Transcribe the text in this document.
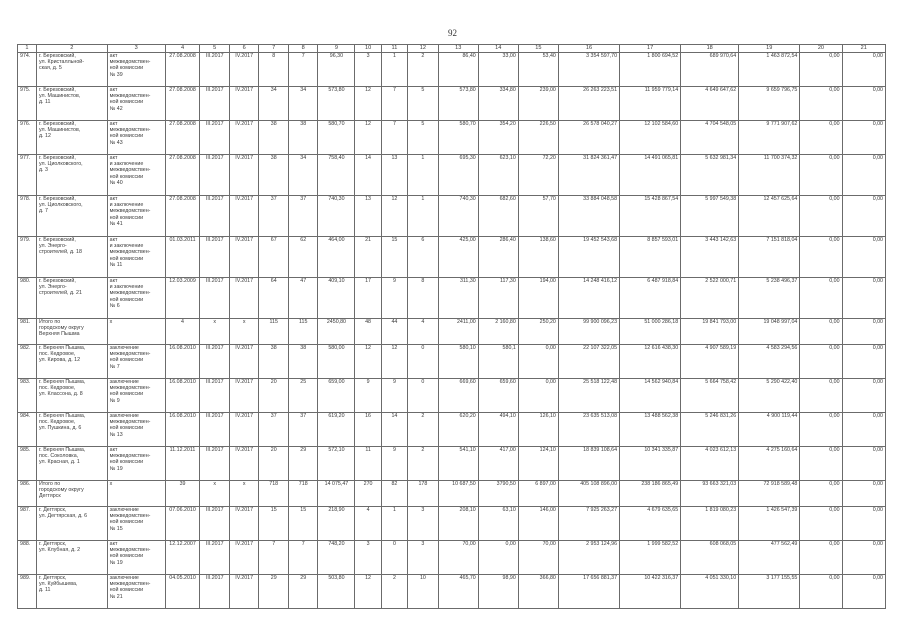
92
1	2	3	4	5	6	7	8	9	10	11	12	13	14	15	16	17	18	19	20	21
974.	г. Березовский,
ул. Кристалльной-
ская, д. 5	акт
межведомствен-
ной комиссии
№ 39	27.08.2008	III.2017	IV.2017	8	7	96,30	3	1	2	86,40	33,00	53,40	3 354 597,70	1 800 694,52	689 970,64	1 463 872,54	0,00	0,00
975.	г. Березовский,
ул. Машинистов,
д. 11	акт
межведомствен-
ной комиссии
№ 42	27.08.2008	III.2017	IV.2017	34	34	573,80	12	7	5	573,80	334,80	239,00	26 263 223,51	11 959 779,14	4 649 647,62	9 659 796,75	0,00	0,00
976.	г. Березовский,
ул. Машинистов,
д. 12	акт
межведомствен-
ной комиссии
№ 43	27.08.2008	III.2017	IV.2017	38	38	580,70	12	7	5	580,70	354,20	226,50	26 578 040,27	12 102 584,60	4 704 548,05	9 771 907,62	0,00	0,00
977.	г. Березовский,
ул. Циолковского,
д. 3	акт
и заключение
межведомствен-
ной комиссии
№ 40	27.08.2008	III.2017	IV.2017	38	34	758,40	14	13	1	695,30	623,10	72,20	31 824 361,47	14 491 065,81	5 632 981,34	11 700 374,32	0,00	0,00
978.	г. Березовский,
ул. Циолковского,
д. 7	акт
и заключение
межведомствен-
ной комиссии
№ 41	27.08.2008	III.2017	IV.2017	37	37	740,30	13	12	1	740,30	682,60	57,70	33 884 048,58	15 428 867,54	5 997 549,38	12 457 625,64	0,00	0,00
979.	г. Березовский,
ул. Энерго-
строителей, д. 18	акт
и заключение
межведомствен-
ной комиссии
№ 11	01.03.2011	III.2017	IV.2017	67	62	464,00	21	15	6	425,00	286,40	138,60	19 452 543,68	8 857 593,01	3 443 142,63	7 151 818,04	0,00	0,00
980.	г. Березовский,
ул. Энерго-
строителей, д. 21	акт
и заключение
межведомствен-
ной комиссии
№ 6	12.03.2009	III.2017	IV.2017	64	47	409,10	17	9	8	311,30	117,30	194,00	14 248 416,12	6 487 918,84	2 522 000,71	5 238 496,37	0,00	0,00
981.	Итого по
городскому округу
Верхняя Пышма	x	4	x	x	115	115	2450,80	48	44	4	2411,00	2 160,80	250,20	99 900 096,23	51 000 286,18	19 841 793,00	19 048 997,04	0,00	0,00
982.	г. Верхняя Пышма,
пос. Кедровое,
ул. Кирова, д. 12	заключение
межведомствен-
ной комиссии
№ 7	16.08.2010	III.2017	IV.2017	38	38	580,00	12	12	0	580,10	580,1	0,00	22 107 322,05	12 616 438,30	4 907 589,19	4 583 294,56	0,00	0,00
983.	г. Верхняя Пышма,
пос. Кедровое,
ул. Классона, д. 8	заключение
межведомствен-
ной комиссии
№ 9	16.08.2010	III.2017	IV.2017	20	25	659,00	9	9	0	669,60	659,60	0,00	25 518 122,48	14 562 940,84	5 664 758,42	5 290 422,40	0,00	0,00
984.	г. Верхняя Пышма,
пос. Кедровое,
ул. Пушкина, д. 6	заключение
межведомствен-
ной комиссии
№ 13	16.08.2010	III.2017	IV.2017	37	37	619,20	16	14	2	620,20	494,10	126,10	23 635 513,08	13 488 562,38	5 246 831,26	4 900 119,44	0,00	0,00
985.	г. Верхняя Пышма,
пос. Соколовка,
ул. Красная, д. 1	акт
межведомствен-
ной комиссии
№ 19	11.12.2011	III.2017	IV.2017	20	29	572,10	11	9	2	541,10	417,00	124,10	18 839 108,64	10 341 335,87	4 023 612,13	4 275 160,64	0,00	0,00
986.	Итого по
городскому округу
Дегтярск	x	39	x	x	718	718	14 075,47	270	82	178	10 687,50	3790,50	6 897,00	405 108 896,00	238 186 865,49	93 663 321,03	72 918 589,48	0,00	0,00
987.	г. Дегтярск,
ул. Дегтярская, д. 6	заключение
межведомствен-
ной комиссии
№ 15	07.06.2010	III.2017	IV.2017	15	15	218,90	4	1	3	208,10	63,10	146,00	7 925 263,27	4 679 635,65	1 819 080,23	1 426 547,39	0,00	0,00
988.	г. Дегтярск,
ул. Клубная, д. 2	акт
межведомствен-
ной комиссии
№ 19	12.12.2007	III.2017	IV.2017	7	7	748,20	3	0	3	70,00	0,00	70,00	2 953 124,96	1 999 582,52	608 068,05	477 562,49	0,00	0,00
989.	г. Дегтярск,
ул. Куйбышева,
д. 11	заключение
межведомствен-
ной комиссии
№ 21	04.05.2010	III.2017	IV.2017	29	29	503,80	12	2	10	465,70	98,90	366,80	17 656 881,37	10 422 316,37	4 051 330,10	3 177 155,55	0,00	0,00
